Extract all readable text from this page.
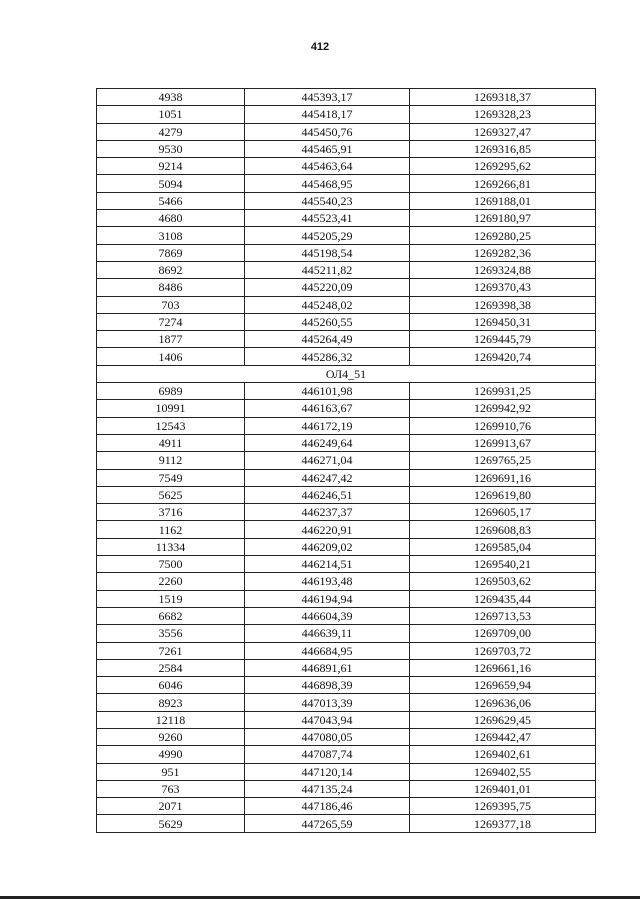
412
4938	445393,17	1269318,37
1051	445418,17	1269328,23
4279	445450,76	1269327,47
9530	445465,91	1269316,85
9214	445463,64	1269295,62
5094	445468,95	1269266,81
5466	445540,23	1269188,01
4680	445523,41	1269180,97
3108	445205,29	1269280,25
7869	445198,54	1269282,36
8692	445211,82	1269324,88
8486	445220,09	1269370,43
703	445248,02	1269398,38
7274	445260,55	1269450,31
1877	445264,49	1269445,79
1406	445286,32	1269420,74
ОЛ4_51		
6989	446101,98	1269931,25
10991	446163,67	1269942,92
12543	446172,19	1269910,76
4911	446249,64	1269913,67
9112	446271,04	1269765,25
7549	446247,42	1269691,16
5625	446246,51	1269619,80
3716	446237,37	1269605,17
1162	446220,91	1269608,83
11334	446209,02	1269585,04
7500	446214,51	1269540,21
2260	446193,48	1269503,62
1519	446194,94	1269435,44
6682	446604,39	1269713,53
3556	446639,11	1269709,00
7261	446684,95	1269703,72
2584	446891,61	1269661,16
6046	446898,39	1269659,94
8923	447013,39	1269636,06
12118	447043,94	1269629,45
9260	447080,05	1269442,47
4990	447087,74	1269402,61
951	447120,14	1269402,55
763	447135,24	1269401,01
2071	447186,46	1269395,75
5629	447265,59	1269377,18
